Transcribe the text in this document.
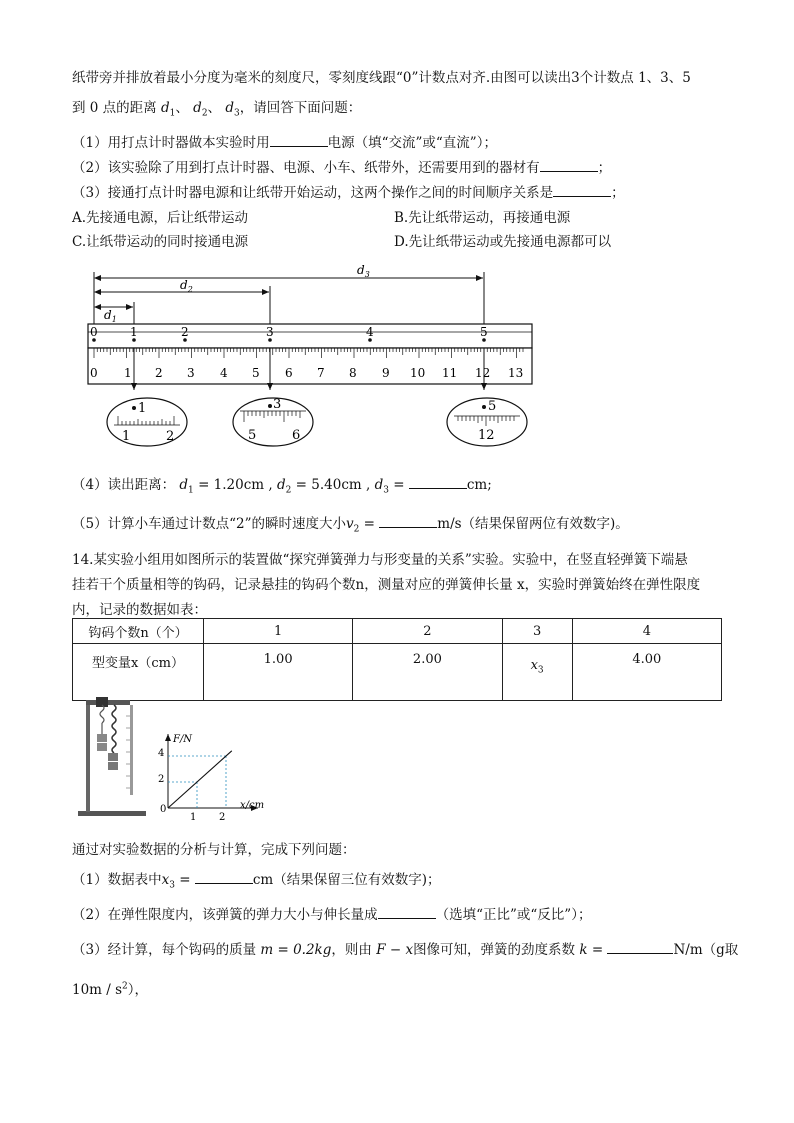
纸带旁并排放着最小分度为毫米的刻度尺，零刻度线跟“0”计数点对齐.由图可以读出3个计数点 1、3、5
到 0 点的距离 $d_1$、 $d_2$、 $d_3$，请回答下面问题：
（1）用打点计时器做本实验时用	电源（填“交流”或“直流”）；
（2）该实验除了用到打点计时器、电源、小车、纸带外，还需要用到的器材有	；
（3）接通打点计时器电源和让纸带开始运动，这两个操作之间的时间顺序关系是	；
A.先接通电源，后让纸带运动	B.先让纸带运动，再接通电源
C.让纸带运动的同时接通电源	D.先让纸带运动或先接通电源都可以
$d_3$
$d_2$
$d_1$
0	1	2	3	4	5
0 1 2 3 4 5 6 7 8 9 10 11 12 13
1
1	2
3
5	6
5
12
（4）读出距离： $d_1 = 1.20cm$ , $d_2 = 5.40cm$ , $d_3$ =	cm;
（5）计算小车通过计数点“2”的瞬时速度大小$v_2$ =	m/s（结果保留两位有效数字)。
14.某实验小组用如图所示的装置做“探究弹簧弹力与形变量的关系”实验。实验中，在竖直轻弹簧下端悬
挂若干个质量相等的钩码，记录悬挂的钩码个数n，测量对应的弹簧伸长量 x，实验时弹簧始终在弹性限度
内，记录的数据如表：
钩码个数n（个）	1	2	3	4
型变量x（cm）	1.00	2.00	$x_3$	4.00
F/N
x/cm
4
2
0
1 2
通过对实验数据的分析与计算，完成下列问题：
（1）数据表中$x_3$ =	cm（结果保留三位有效数字)；
（2）在弹性限度内，该弹簧的弹力大小与伸长量成	（选填“正比”或“反比”）；
（3）经计算，每个钩码的质量 m = 0.2kg，则由 F − x图像可知，弹簧的劲度系数 k =	N/m（g取
$10m / s^2$），
